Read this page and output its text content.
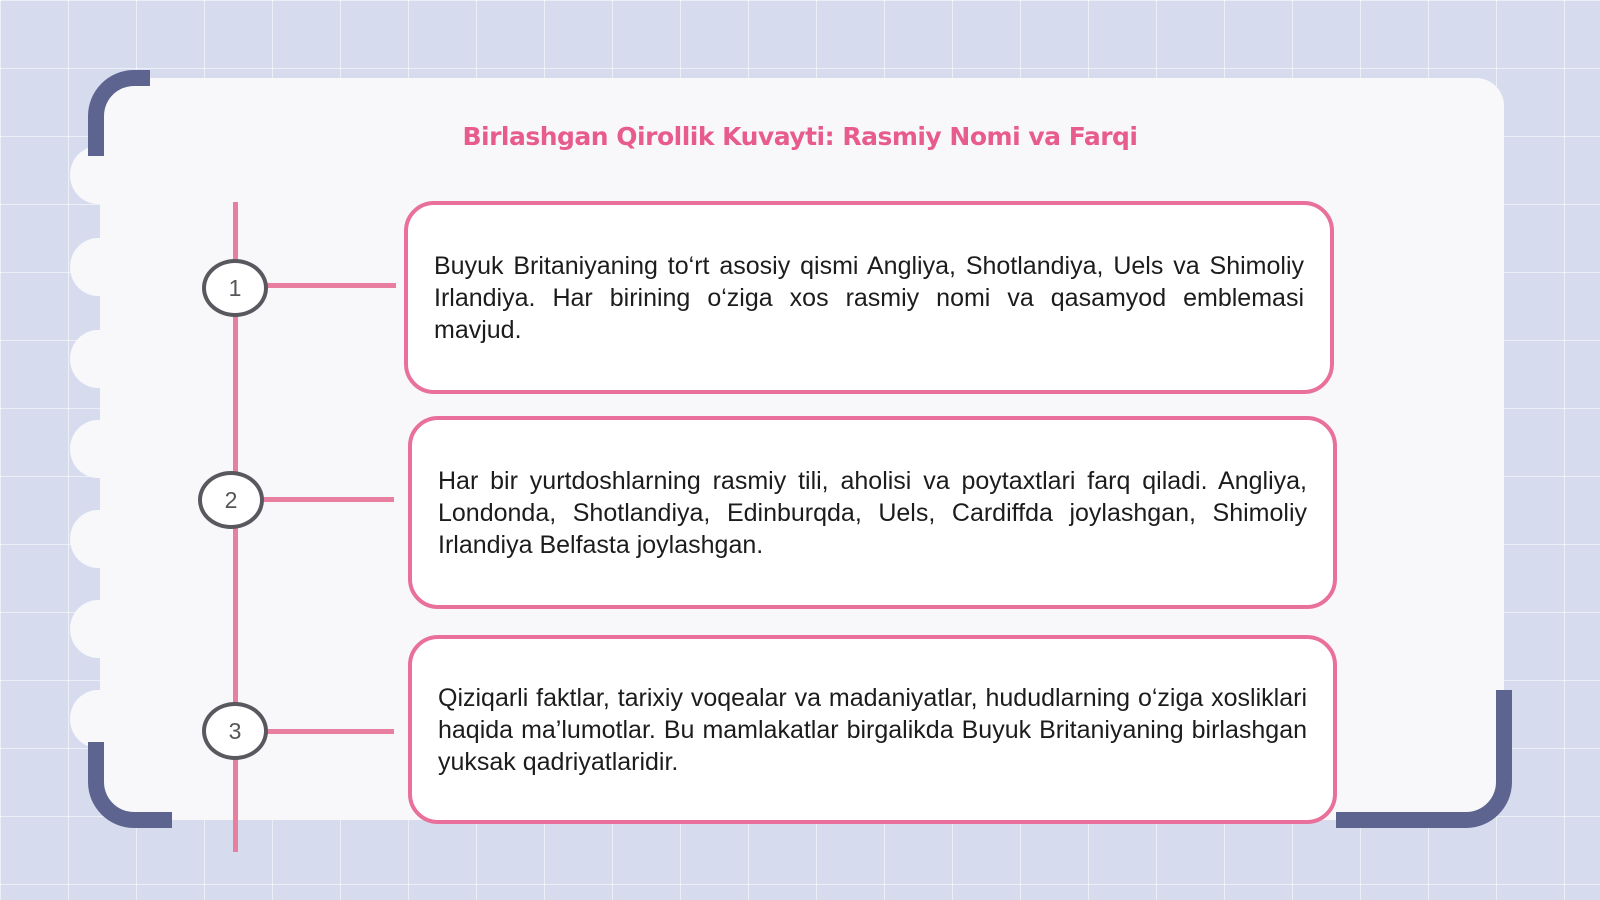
Birlashgan Qirollik Kuvayti: Rasmiy Nomi va Farqi
1

Buyuk Britaniyaning to‘rt asosiy qismi Angliya, Shotlandiya, Uels va Shimoliy Irlandiya. Har birining o‘ziga xos rasmiy nomi va qasamyod emblemasi mavjud.

2

Har bir yurtdoshlarning rasmiy tili, aholisi va poytaxtlari farq qiladi. Angliya, Londonda, Shotlandiya, Edinburqda, Uels, Cardiffda joylashgan, Shimoliy Irlandiya Belfasta joylashgan.

3

Qiziqarli faktlar, tarixiy voqealar va madaniyatlar, hududlarning o‘ziga xosliklari haqida ma’lumotlar. Bu mamlakatlar birgalikda Buyuk Britaniyaning birlashgan yuksak qadriyatlaridir.
